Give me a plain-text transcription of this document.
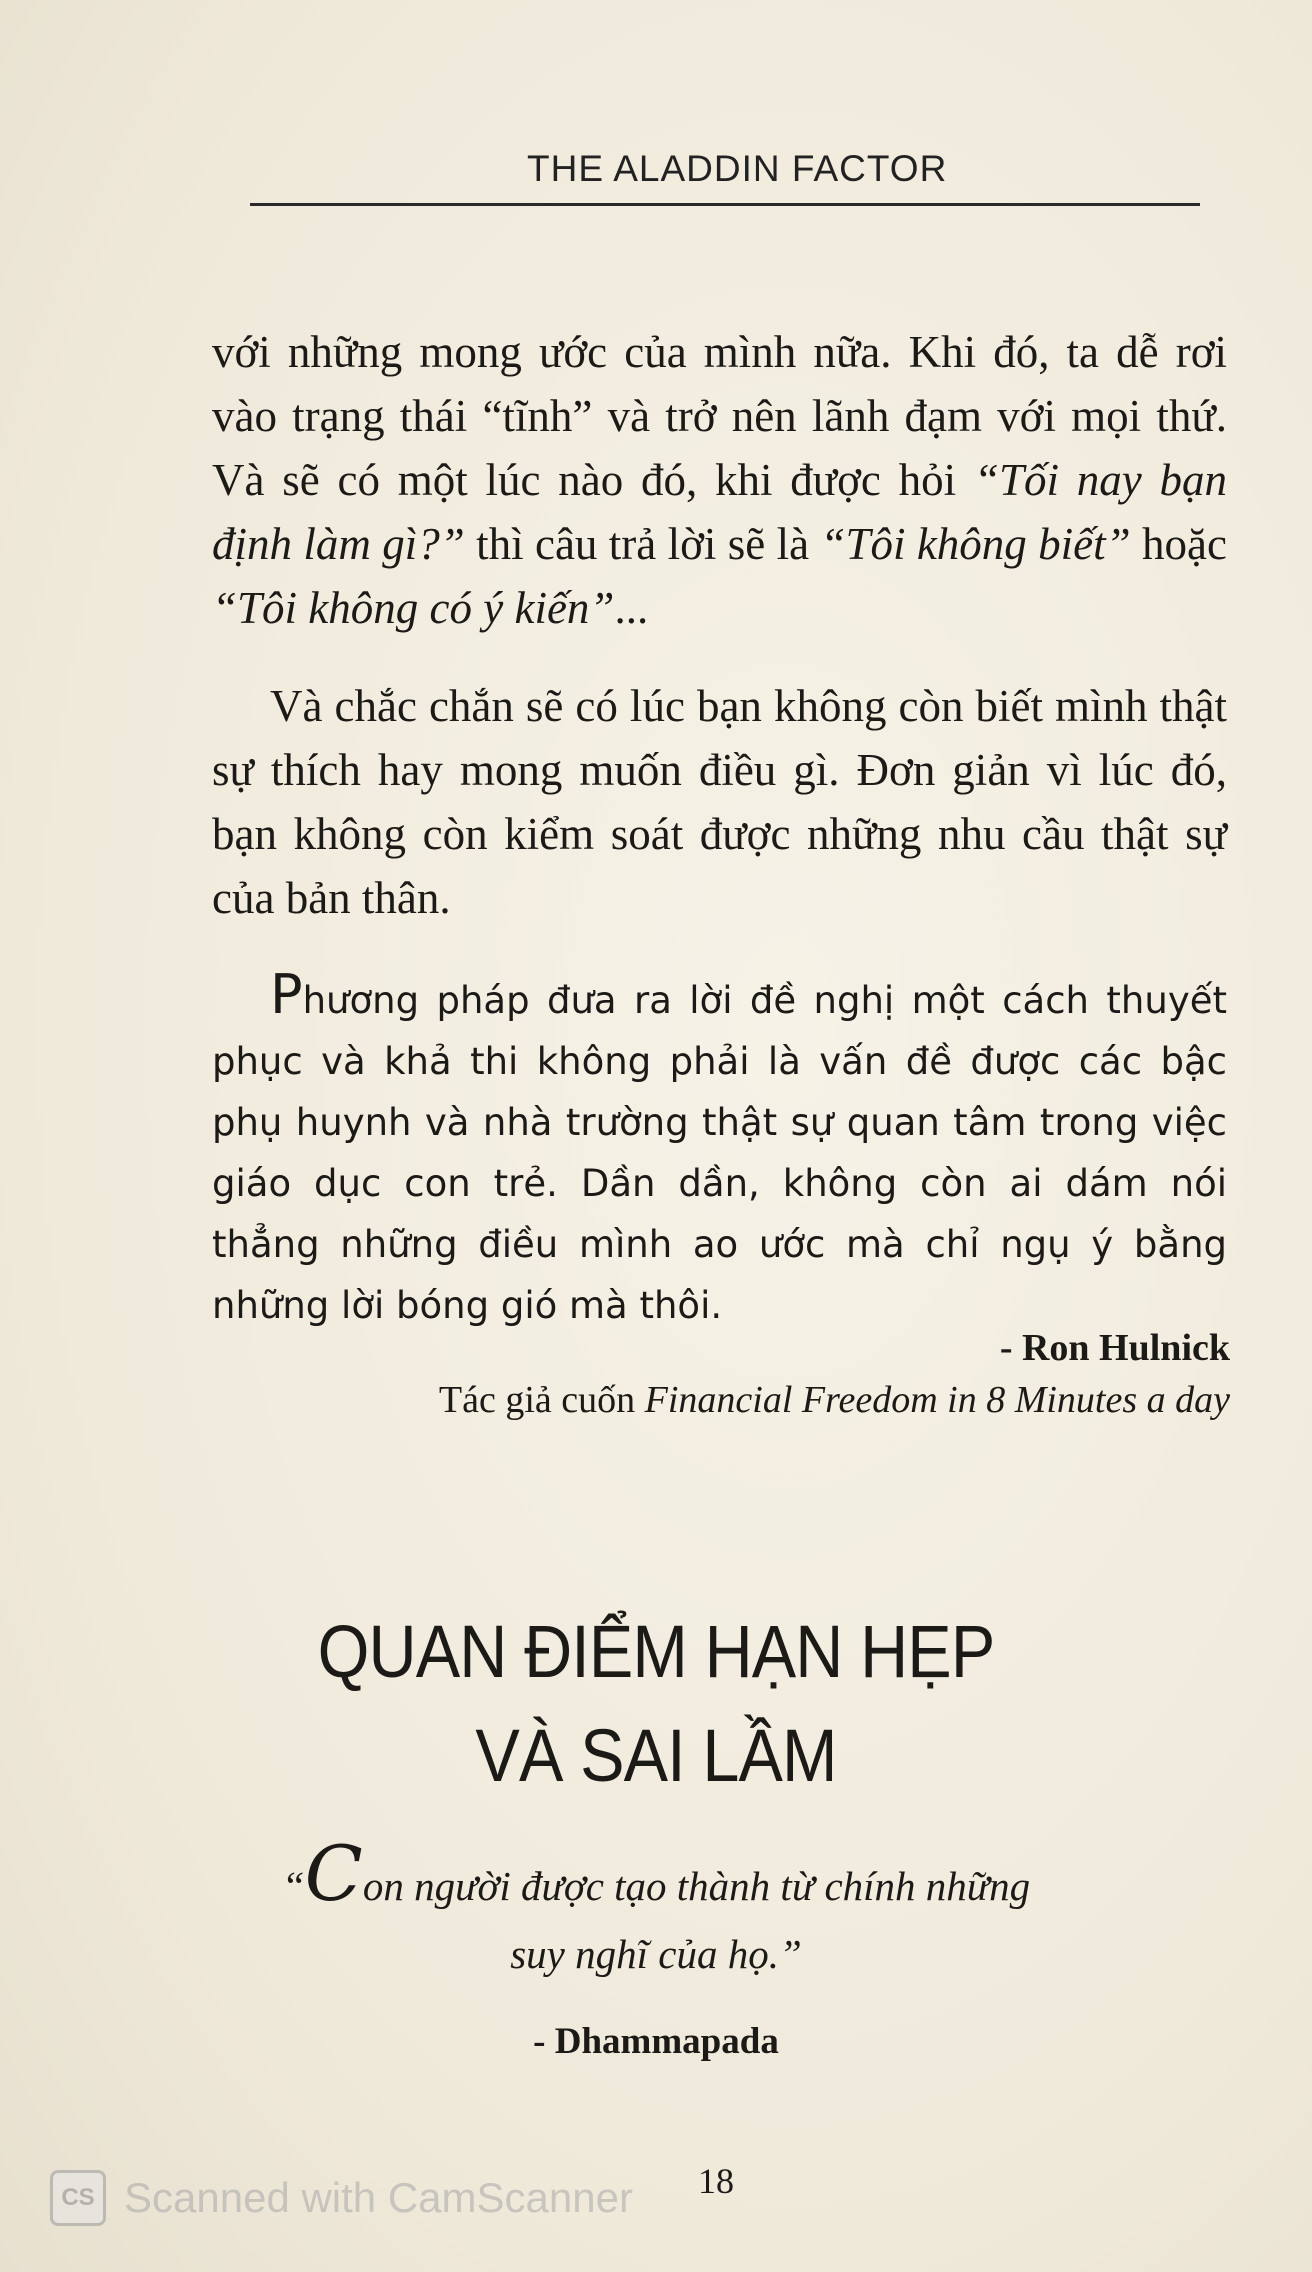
THE ALADDIN FACTOR

với những mong ước của mình nữa. Khi đó, ta dễ rơi vào trạng thái “tĩnh” và trở nên lãnh đạm với mọi thứ. Và sẽ có một lúc nào đó, khi được hỏi “Tối nay bạn định làm gì?” thì câu trả lời sẽ là “Tôi không biết” hoặc “Tôi không có ý kiến”...

Và chắc chắn sẽ có lúc bạn không còn biết mình thật sự thích hay mong muốn điều gì. Đơn giản vì lúc đó, bạn không còn kiểm soát được những nhu cầu thật sự của bản thân.

Phương pháp đưa ra lời đề nghị một cách thuyết phục và khả thi không phải là vấn đề được các bậc phụ huynh và nhà trường thật sự quan tâm trong việc giáo dục con trẻ. Dần dần, không còn ai dám nói thẳng những điều mình ao ước mà chỉ ngụ ý bằng những lời bóng gió mà thôi.

- Ron Hulnick
Tác giả cuốn Financial Freedom in 8 Minutes a day
QUAN ĐIỂM HẠN HẸP
VÀ SAI LẦM
“Con người được tạo thành từ chính những
suy nghĩ của họ.”
- Dhammapada
18
CS Scanned with CamScanner
